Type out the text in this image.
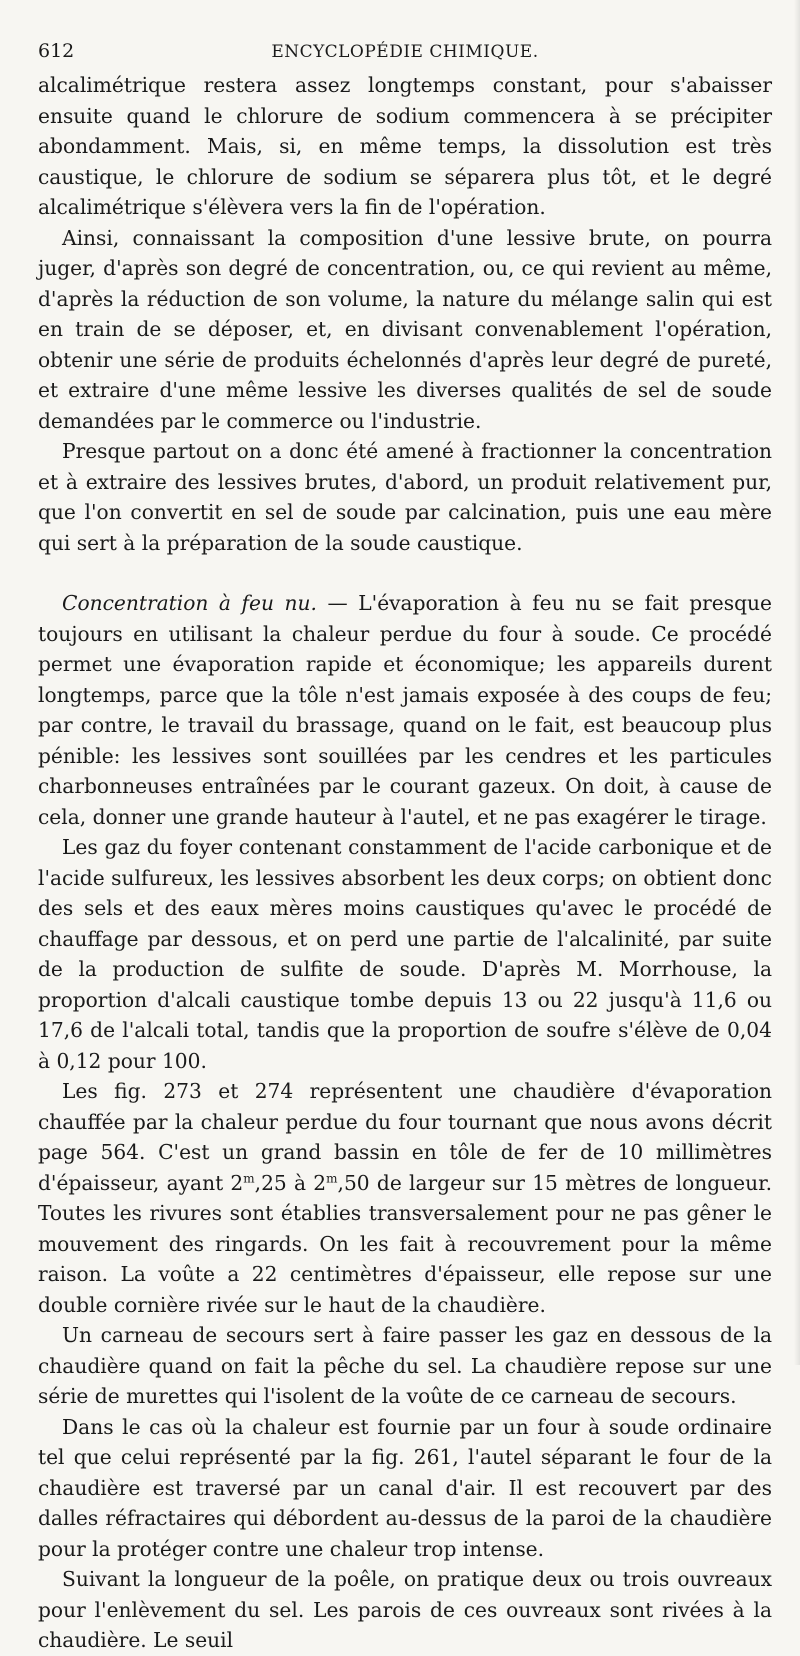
612	ENCYCLOPÉDIE CHIMIQUE.

alcalimétrique restera assez longtemps constant, pour s'abaisser ensuite quand le chlorure de sodium commencera à se précipiter abondamment. Mais, si, en même temps, la dissolution est très caustique, le chlorure de sodium se séparera plus tôt, et le degré alcalimétrique s'élèvera vers la fin de l'opération.

Ainsi, connaissant la composition d'une lessive brute, on pourra juger, d'après son degré de concentration, ou, ce qui revient au même, d'après la réduction de son volume, la nature du mélange salin qui est en train de se déposer, et, en divisant convenablement l'opération, obtenir une série de produits échelonnés d'après leur degré de pureté, et extraire d'une même lessive les diverses qualités de sel de soude demandées par le commerce ou l'industrie.

Presque partout on a donc été amené à fractionner la concentration et à extraire des lessives brutes, d'abord, un produit relativement pur, que l'on convertit en sel de soude par calcination, puis une eau mère qui sert à la préparation de la soude caustique.

Concentration à feu nu. — L'évaporation à feu nu se fait presque toujours en utilisant la chaleur perdue du four à soude. Ce procédé permet une évaporation rapide et économique; les appareils durent longtemps, parce que la tôle n'est jamais exposée à des coups de feu; par contre, le travail du brassage, quand on le fait, est beaucoup plus pénible: les lessives sont souillées par les cendres et les particules charbonneuses entraînées par le courant gazeux. On doit, à cause de cela, donner une grande hauteur à l'autel, et ne pas exagérer le tirage.

Les gaz du foyer contenant constamment de l'acide carbonique et de l'acide sulfureux, les lessives absorbent les deux corps; on obtient donc des sels et des eaux mères moins caustiques qu'avec le procédé de chauffage par dessous, et on perd une partie de l'alcalinité, par suite de la production de sulfite de soude. D'après M. Morrhouse, la proportion d'alcali caustique tombe depuis 13 ou 22 jusqu'à 11,6 ou 17,6 de l'alcali total, tandis que la proportion de soufre s'élève de 0,04 à 0,12 pour 100.

Les fig. 273 et 274 représentent une chaudière d'évaporation chauffée par la chaleur perdue du four tournant que nous avons décrit page 564. C'est un grand bassin en tôle de fer de 10 millimètres d'épaisseur, ayant 2$^m$,25 à 2$^m$,50 de largeur sur 15 mètres de longueur. Toutes les rivures sont établies transversalement pour ne pas gêner le mouvement des ringards. On les fait à recouvrement pour la même raison. La voûte a 22 centimètres d'épaisseur, elle repose sur une double cornière rivée sur le haut de la chaudière.

Un carneau de secours sert à faire passer les gaz en dessous de la chaudière quand on fait la pêche du sel. La chaudière repose sur une série de murettes qui l'isolent de la voûte de ce carneau de secours.

Dans le cas où la chaleur est fournie par un four à soude ordinaire tel que celui représenté par la fig. 261, l'autel séparant le four de la chaudière est traversé par un canal d'air. Il est recouvert par des dalles réfractaires qui débordent au-dessus de la paroi de la chaudière pour la protéger contre une chaleur trop intense.

Suivant la longueur de la poêle, on pratique deux ou trois ouvreaux pour l'enlèvement du sel. Les parois de ces ouvreaux sont rivées à la chaudière. Le seuil
